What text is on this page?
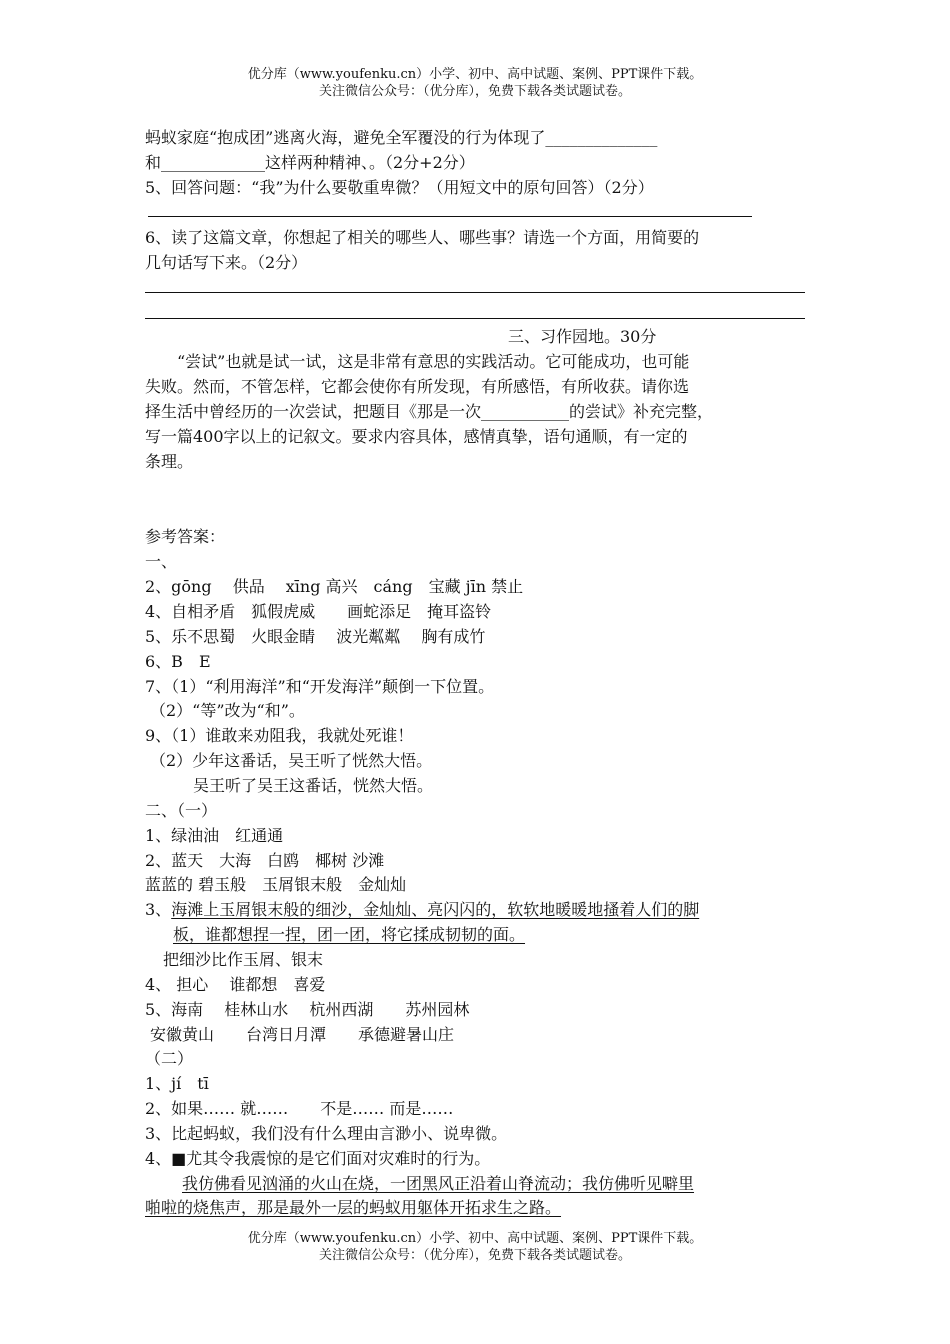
优分库（www.youfenku.cn）小学、初中、高中试题、案例、PPT课件下载。
关注微信公众号：（优分库），免费下载各类试题试卷。
蚂蚁家庭“抱成团”逃离火海，避免全军覆没的行为体现了______________
和_____________这样两种精神、。（2分+2分）
5、回答问题：“我”为什么要敬重卑微？（用短文中的原句回答）（2分）
6、读了这篇文章，你想起了相关的哪些人、哪些事？请选一个方面，用简要的
几句话写下来。（2分）
三、习作园地。30分
“尝试”也就是试一试，这是非常有意思的实践活动。它可能成功，也可能
失败。然而，不管怎样，它都会使你有所发现，有所感悟，有所收获。请你选
择生活中曾经历的一次尝试，把题目《那是一次___________的尝试》补充完整，
写一篇400字以上的记叙文。要求内容具体，感情真挚，语句通顺，有一定的
条理。
参考答案：
一、
2、gōng　 供品　 xīng 高兴　cáng　宝藏 jīn 禁止
4、自相矛盾　狐假虎威　　画蛇添足　掩耳盗铃
5、乐不思蜀　火眼金睛　 波光粼粼　 胸有成竹
6、B　E
7、（1）“利用海洋”和“开发海洋”颠倒一下位置。
（2）“等”改为“和”。
9、（1）谁敢来劝阻我，我就处死谁！
（2）少年这番话，吴王听了恍然大悟。
吴王听了吴王这番话，恍然大悟。
二、（一）
1、绿油油　红通通
2、蓝天　大海　白鸥　椰树 沙滩
蓝蓝的 碧玉般　玉屑银末般　金灿灿
3、海滩上玉屑银末般的细沙，金灿灿、亮闪闪的，软软地暖暖地搔着人们的脚
板，谁都想捏一捏，团一团，将它揉成韧韧的面。
把细沙比作玉屑、银末
4、 担心　 谁都想　喜爱
5、海南　 桂林山水　 杭州西湖　　苏州园林
安徽黄山　　台湾日月潭　　承德避暑山庄
（二）
1、jí　tī
2、如果…… 就……　　不是…… 而是……
3、比起蚂蚁，我们没有什么理由言渺小、说卑微。
4、■尤其令我震惊的是它们面对灾难时的行为。
我仿佛看见汹涌的火山在烧，一团黑风正沿着山脊流动；我仿佛听见噼里
啪啦的烧焦声，那是最外一层的蚂蚁用躯体开拓求生之路。
优分库（www.youfenku.cn）小学、初中、高中试题、案例、PPT课件下载。
关注微信公众号：（优分库），免费下载各类试题试卷。
